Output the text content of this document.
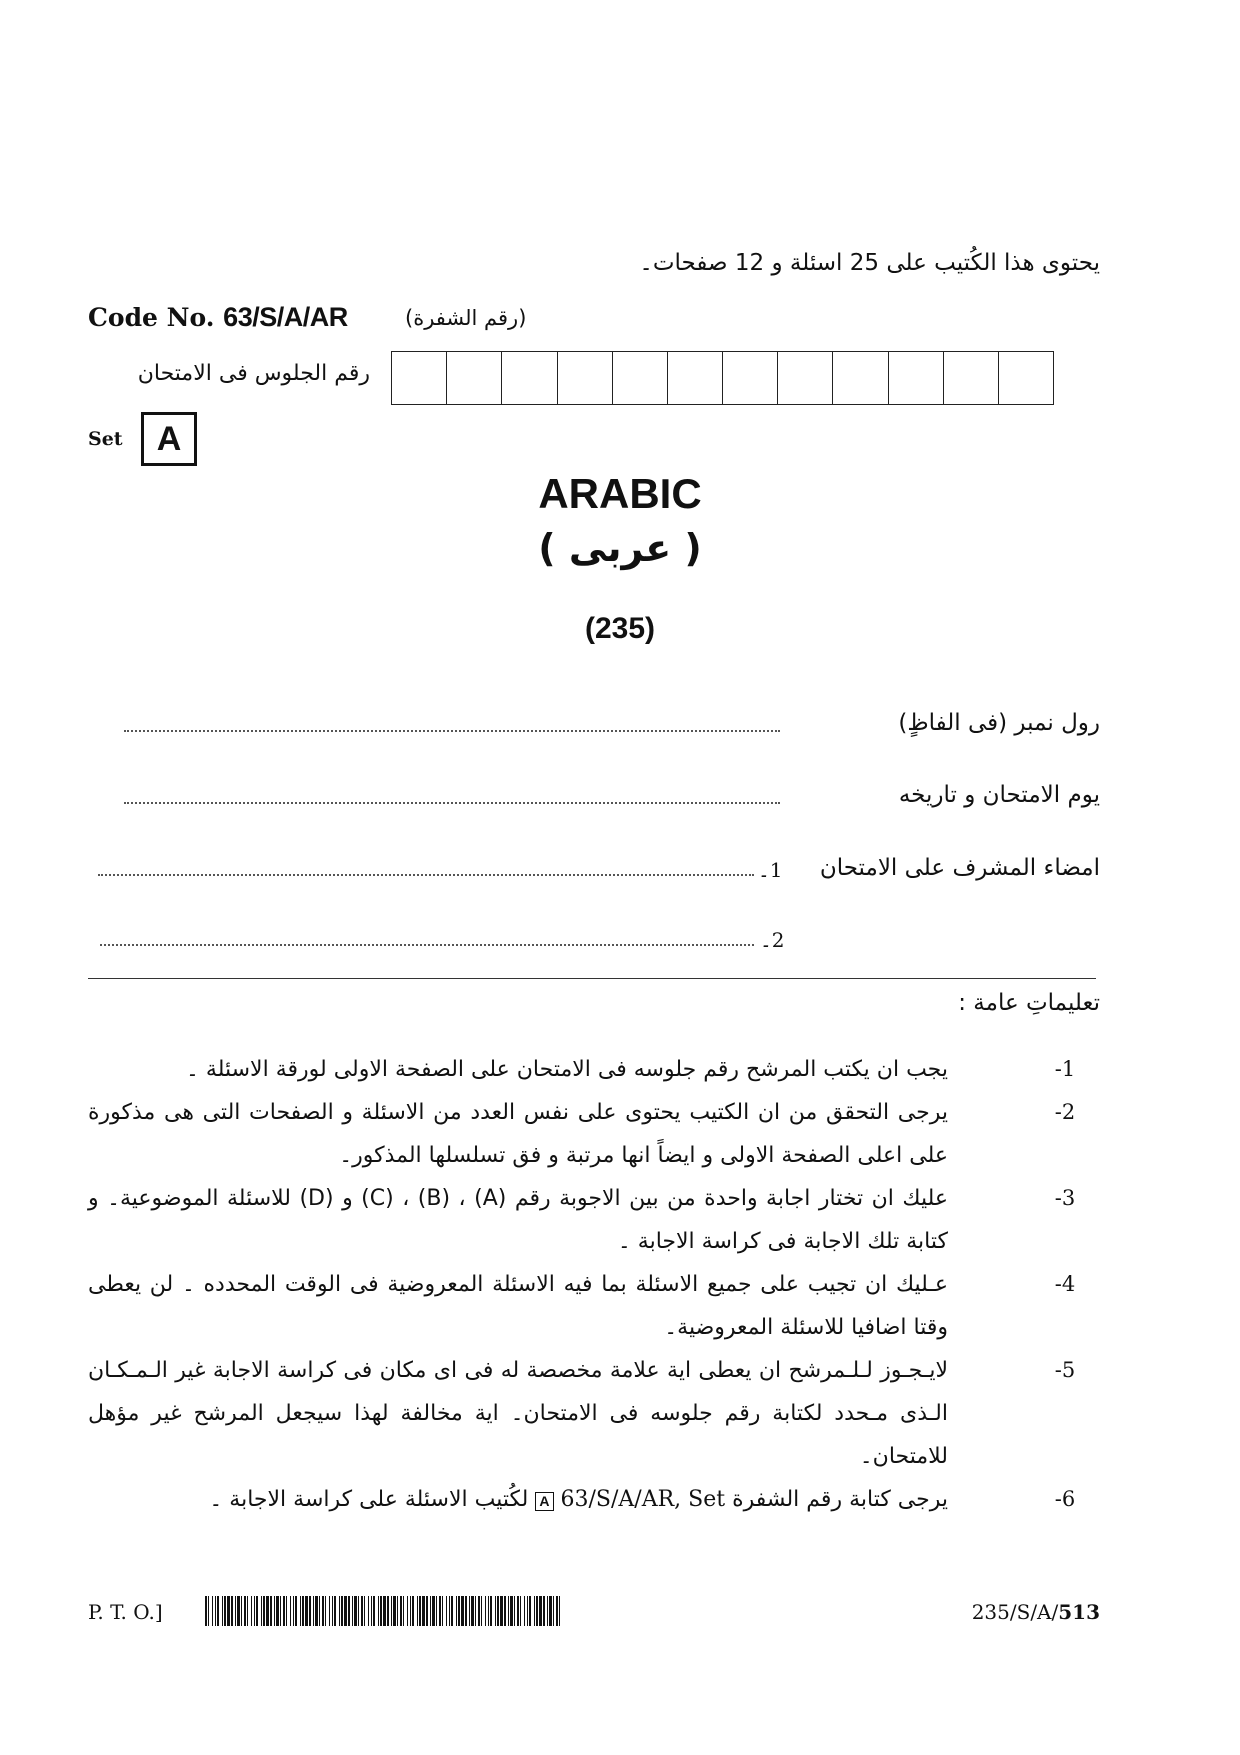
يحتوى هذا الكُتيب على 25 اسئلة و 12 صفحات۔
Code No. 63/S/A/AR	(رقم الشفرة)
رقم الجلوس فى الامتحان
Set	A
ARABIC
( عربى )
(235)
رول نمبر (فى الفاظٍ)
يوم الامتحان و تاريخه
امضاء المشرف على الامتحان
1۔
2۔
تعليماتِ عامة :
يجب ان يكتب المرشح رقم جلوسه فى الامتحان على الصفحة الاولى لورقة الاسئلة ۔	-1
يرجى التحقق من ان الكتيب يحتوى على نفس العدد من الاسئلة و الصفحات التى هى مذكورة على اعلى الصفحة الاولى و ايضاً انها مرتبة و فق تسلسلها المذكور۔
-2
عليك ان تختار اجابة واحدة من بين الاجوبة رقم (A) ، (B) ، (C) و (D) للاسئلة الموضوعية۔ و كتابة تلك الاجابة فى كراسة الاجابة ۔
-3
عـليك ان تجيب على جميع الاسئلة بما فيه الاسئلة المعروضية فى الوقت المحدده ۔ لن يعطى وقتا اضافيا للاسئلة المعروضية۔
-4
لايـجـوز لـلـمرشح ان يعطى اية علامة مخصصة له فى اى مكان فى كراسة الاجابة غير الـمـكـان الـذى مـحدد لكتابة رقم جلوسه فى الامتحان۔ اية مخالفة لهذا سيجعل المرشح غير مؤهل للامتحان۔
-5
يرجى كتابة رقم الشفرة 63/S/A/AR, Set A لكُتيب الاسئلة على كراسة الاجابة ۔	-6
P. T. O.]	235/S/A/513
